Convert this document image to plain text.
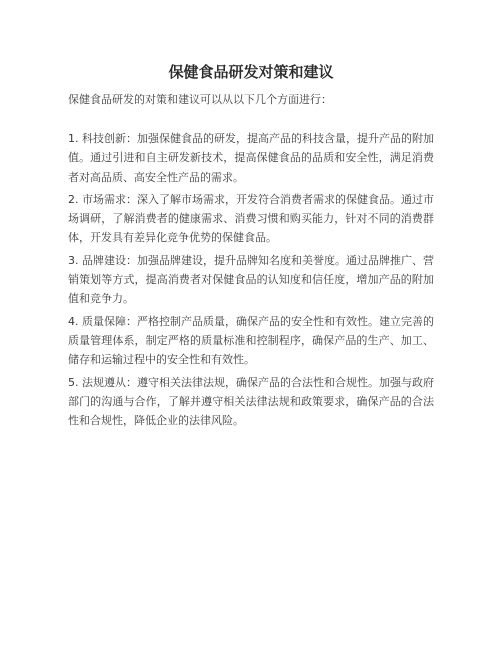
保健食品研发对策和建议

保健食品研发的对策和建议可以从以下几个方面进行：

1. 科技创新：加强保健食品的研发，提高产品的科技含量，提升产品的附加值。通过引进和自主研发新技术，提高保健食品的品质和安全性，满足消费者对高品质、高安全性产品的需求。

2. 市场需求：深入了解市场需求，开发符合消费者需求的保健食品。通过市场调研，了解消费者的健康需求、消费习惯和购买能力，针对不同的消费群体，开发具有差异化竞争优势的保健食品。

3. 品牌建设：加强品牌建设，提升品牌知名度和美誉度。通过品牌推广、营销策划等方式，提高消费者对保健食品的认知度和信任度，增加产品的附加值和竞争力。

4. 质量保障：严格控制产品质量，确保产品的安全性和有效性。建立完善的质量管理体系，制定严格的质量标准和控制程序，确保产品的生产、加工、储存和运输过程中的安全性和有效性。

5. 法规遵从：遵守相关法律法规，确保产品的合法性和合规性。加强与政府部门的沟通与合作，了解并遵守相关法律法规和政策要求，确保产品的合法性和合规性，降低企业的法律风险。
